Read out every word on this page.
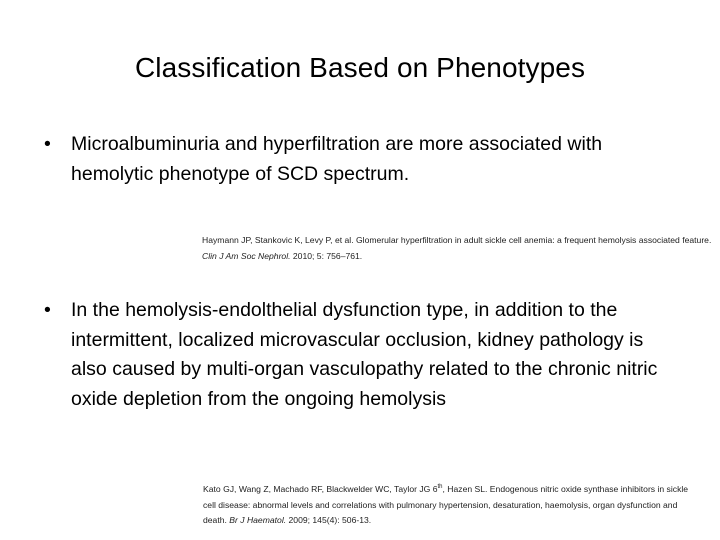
Classification Based on Phenotypes
•	Microalbuminuria and hyperfiltration are more associated with hemolytic phenotype of SCD spectrum.

Haymann JP, Stankovic K, Levy P, et al. Glomerular hyperfiltration in adult sickle cell anemia: a frequent hemolysis associated feature. Clin J Am Soc Nephrol. 2010; 5: 756–761.
•	In the hemolysis-endolthelial dysfunction type, in addition to the intermittent, localized microvascular occlusion, kidney pathology is also caused by multi-organ vasculopathy related to the chronic nitric oxide depletion from the ongoing hemolysis

Kato GJ, Wang Z, Machado RF, Blackwelder WC, Taylor JG 6th, Hazen SL. Endogenous nitric oxide synthase inhibitors in sickle cell disease: abnormal levels and correlations with pulmonary hypertension, desaturation, haemolysis, organ dysfunction and death. Br J Haematol. 2009; 145(4): 506-13.
